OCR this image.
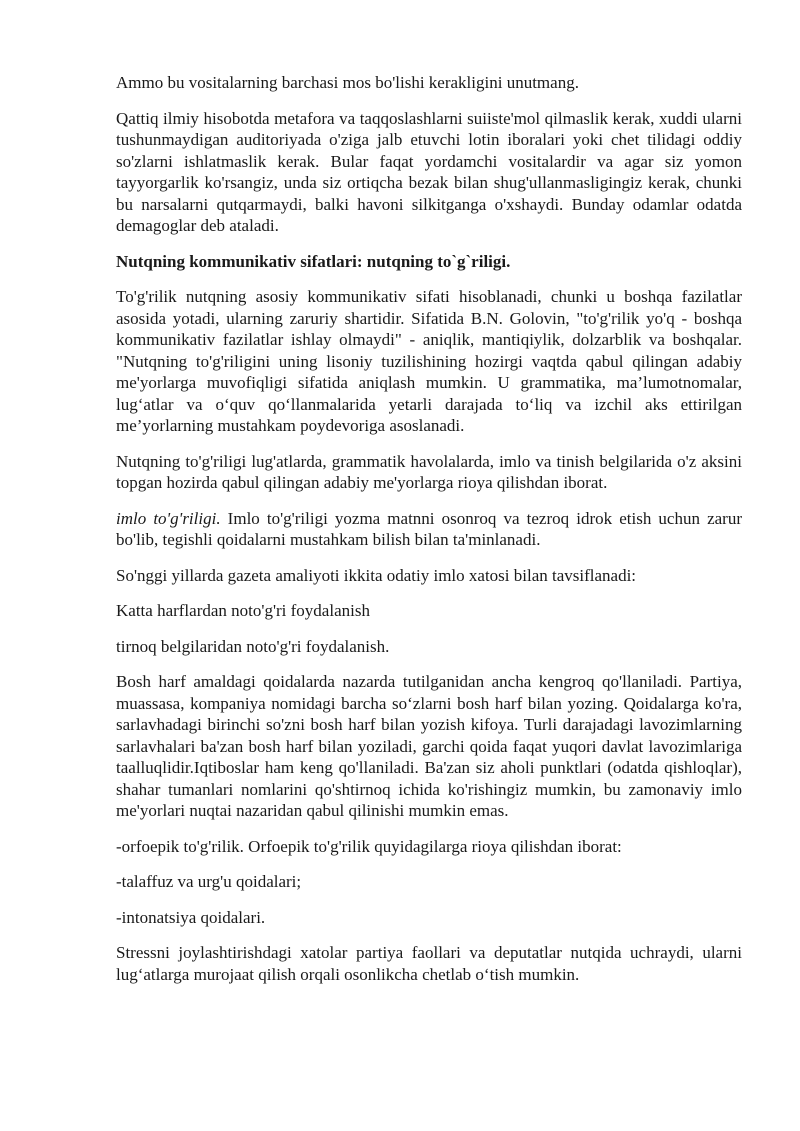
Ammo bu vositalarning barchasi mos bo'lishi kerakligini unutmang.

Qattiq ilmiy hisobotda metafora va taqqoslashlarni suiiste'mol qilmaslik kerak, xuddi ularni tushunmaydigan auditoriyada o'ziga jalb etuvchi lotin iboralari yoki chet tilidagi oddiy so'zlarni ishlatmaslik kerak. Bular faqat yordamchi vositalardir va agar siz yomon tayyorgarlik ko'rsangiz, unda siz ortiqcha bezak bilan shug'ullanmasligingiz kerak, chunki bu narsalarni qutqarmaydi, balki havoni silkitganga o'xshaydi. Bunday odamlar odatda demagoglar deb ataladi.

Nutqning kommunikativ sifatlari: nutqning to`g`riligi.

To'g'rilik nutqning asosiy kommunikativ sifati hisoblanadi, chunki u boshqa fazilatlar asosida yotadi, ularning zaruriy shartidir. Sifatida B.N. Golovin, "to'g'rilik yo'q - boshqa kommunikativ fazilatlar ishlay olmaydi" - aniqlik, mantiqiylik, dolzarblik va boshqalar. "Nutqning to'g'riligini uning lisoniy tuzilishining hozirgi vaqtda qabul qilingan adabiy me'yorlarga muvofiqligi sifatida aniqlash mumkin. U grammatika, ma’lumotnomalar, lug‘atlar va o‘quv qo‘llanmalarida yetarli darajada to‘liq va izchil aks ettirilgan me’yorlarning mustahkam poydevoriga asoslanadi.

Nutqning to'g'riligi lug'atlarda, grammatik havolalarda, imlo va tinish belgilarida o'z aksini topgan hozirda qabul qilingan adabiy me'yorlarga rioya qilishdan iborat.

imlo to'g'riligi. Imlo to'g'riligi yozma matnni osonroq va tezroq idrok etish uchun zarur bo'lib, tegishli qoidalarni mustahkam bilish bilan ta'minlanadi.

So'nggi yillarda gazeta amaliyoti ikkita odatiy imlo xatosi bilan tavsiflanadi:

Katta harflardan noto'g'ri foydalanish

tirnoq belgilaridan noto'g'ri foydalanish.

Bosh harf amaldagi qoidalarda nazarda tutilganidan ancha kengroq qo'llaniladi. Partiya, muassasa, kompaniya nomidagi barcha so‘zlarni bosh harf bilan yozing. Qoidalarga ko'ra, sarlavhadagi birinchi so'zni bosh harf bilan yozish kifoya. Turli darajadagi lavozimlarning sarlavhalari ba'zan bosh harf bilan yoziladi, garchi qoida faqat yuqori davlat lavozimlariga taalluqlidir.Iqtiboslar ham keng qo'llaniladi. Ba'zan siz aholi punktlari (odatda qishloqlar), shahar tumanlari nomlarini qo'shtirnoq ichida ko'rishingiz mumkin, bu zamonaviy imlo me'yorlari nuqtai nazaridan qabul qilinishi mumkin emas.

-orfoepik to'g'rilik. Orfoepik to'g'rilik quyidagilarga rioya qilishdan iborat:

-talaffuz va urg'u qoidalari;

-intonatsiya qoidalari.

Stressni joylashtirishdagi xatolar partiya faollari va deputatlar nutqida uchraydi, ularni lug‘atlarga murojaat qilish orqali osonlikcha chetlab o‘tish mumkin.
